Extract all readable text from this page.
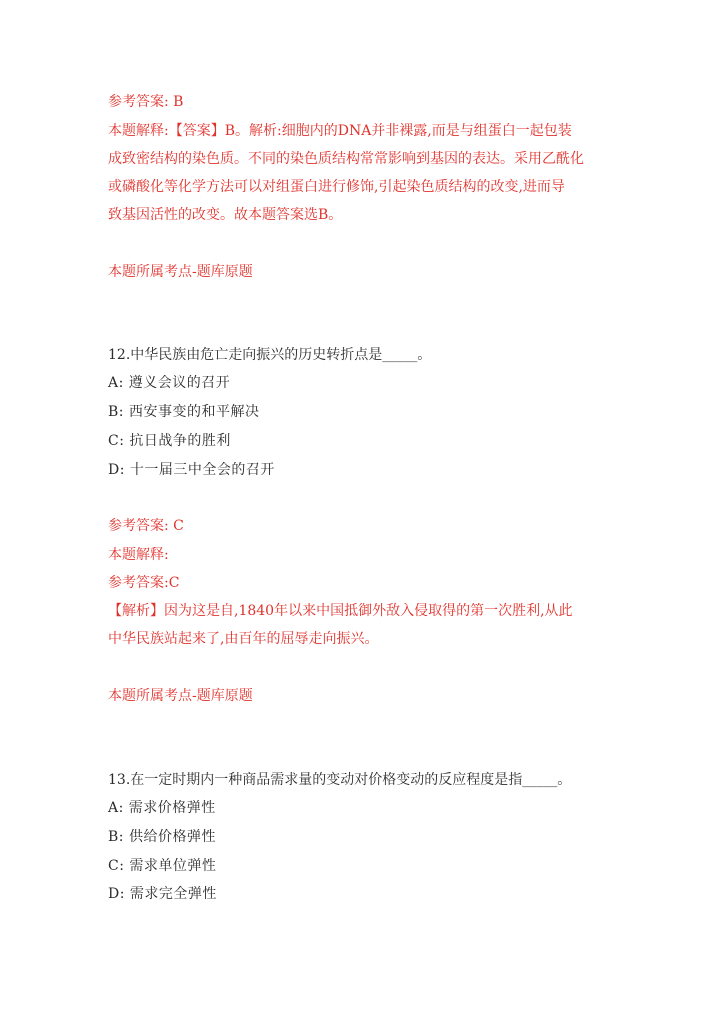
参考答案: B
本题解释:【答案】B。解析:细胞内的DNA并非裸露,而是与组蛋白一起包装
成致密结构的染色质。不同的染色质结构常常影响到基因的表达。采用乙酰化
或磷酸化等化学方法可以对组蛋白进行修饰,引起染色质结构的改变,进而导
致基因活性的改变。故本题答案选B。
本题所属考点-题库原题
12.中华民族由危亡走向振兴的历史转折点是_____。
A: 遵义会议的召开
B: 西安事变的和平解决
C: 抗日战争的胜利
D: 十一届三中全会的召开
参考答案: C
本题解释:
参考答案:C
【解析】因为这是自,1840年以来中国抵御外敌入侵取得的第一次胜利,从此
中华民族站起来了,由百年的屈辱走向振兴。
本题所属考点-题库原题
13.在一定时期内一种商品需求量的变动对价格变动的反应程度是指_____。
A: 需求价格弹性
B: 供给价格弹性
C: 需求单位弹性
D: 需求完全弹性
